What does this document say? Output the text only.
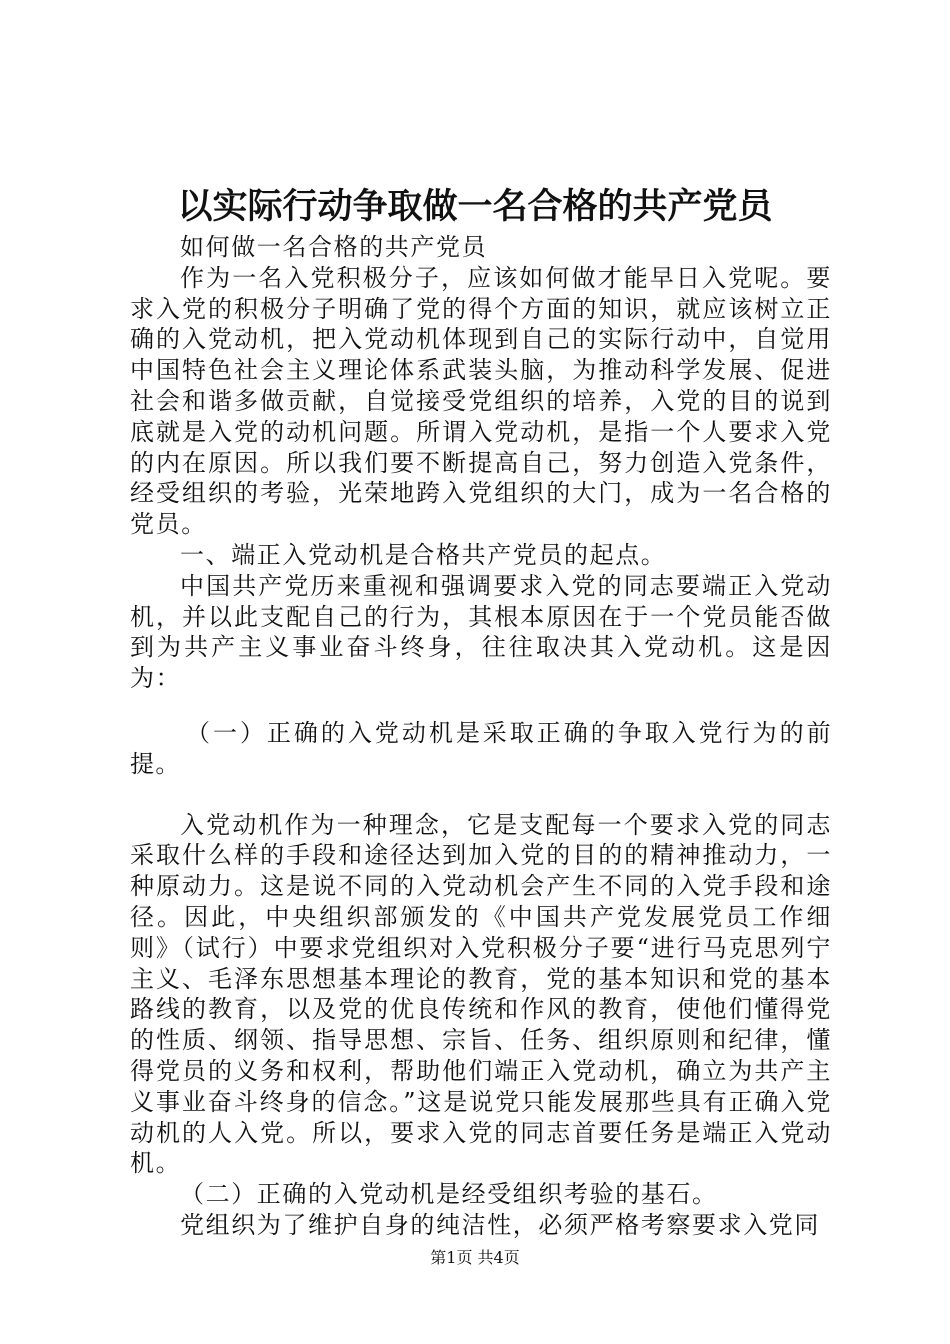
以实际行动争取做一名合格的共产党员

如何做一名合格的共产党员

作为一名入党积极分子，应该如何做才能早日入党呢。要求入党的积极分子明确了党的得个方面的知识，就应该树立正确的入党动机，把入党动机体现到自己的实际行动中，自觉用中国特色社会主义理论体系武装头脑，为推动科学发展、促进社会和谐多做贡献，自觉接受党组织的培养，入党的目的说到底就是入党的动机问题。所谓入党动机，是指一个人要求入党的内在原因。所以我们要不断提高自己，努力创造入党条件，经受组织的考验，光荣地跨入党组织的大门，成为一名合格的党员。

一、端正入党动机是合格共产党员的起点。

中国共产党历来重视和强调要求入党的同志要端正入党动机，并以此支配自己的行为，其根本原因在于一个党员能否做到为共产主义事业奋斗终身，往往取决其入党动机。这是因为：

（一）正确的入党动机是采取正确的争取入党行为的前提。

入党动机作为一种理念，它是支配每一个要求入党的同志采取什么样的手段和途径达到加入党的目的的精神推动力，一种原动力。这是说不同的入党动机会产生不同的入党手段和途径。因此，中央组织部颁发的《中国共产党发展党员工作细则》（试行）中要求党组织对入党积极分子要“进行马克思列宁主义、毛泽东思想基本理论的教育，党的基本知识和党的基本路线的教育，以及党的优良传统和作风的教育，使他们懂得党的性质、纲领、指导思想、宗旨、任务、组织原则和纪律，懂得党员的义务和权利，帮助他们端正入党动机，确立为共产主义事业奋斗终身的信念。”这是说党只能发展那些具有正确入党动机的人入党。所以，要求入党的同志首要任务是端正入党动机。

（二）正确的入党动机是经受组织考验的基石。

党组织为了维护自身的纯洁性，必须严格考察要求入党同

第1页 共4页
